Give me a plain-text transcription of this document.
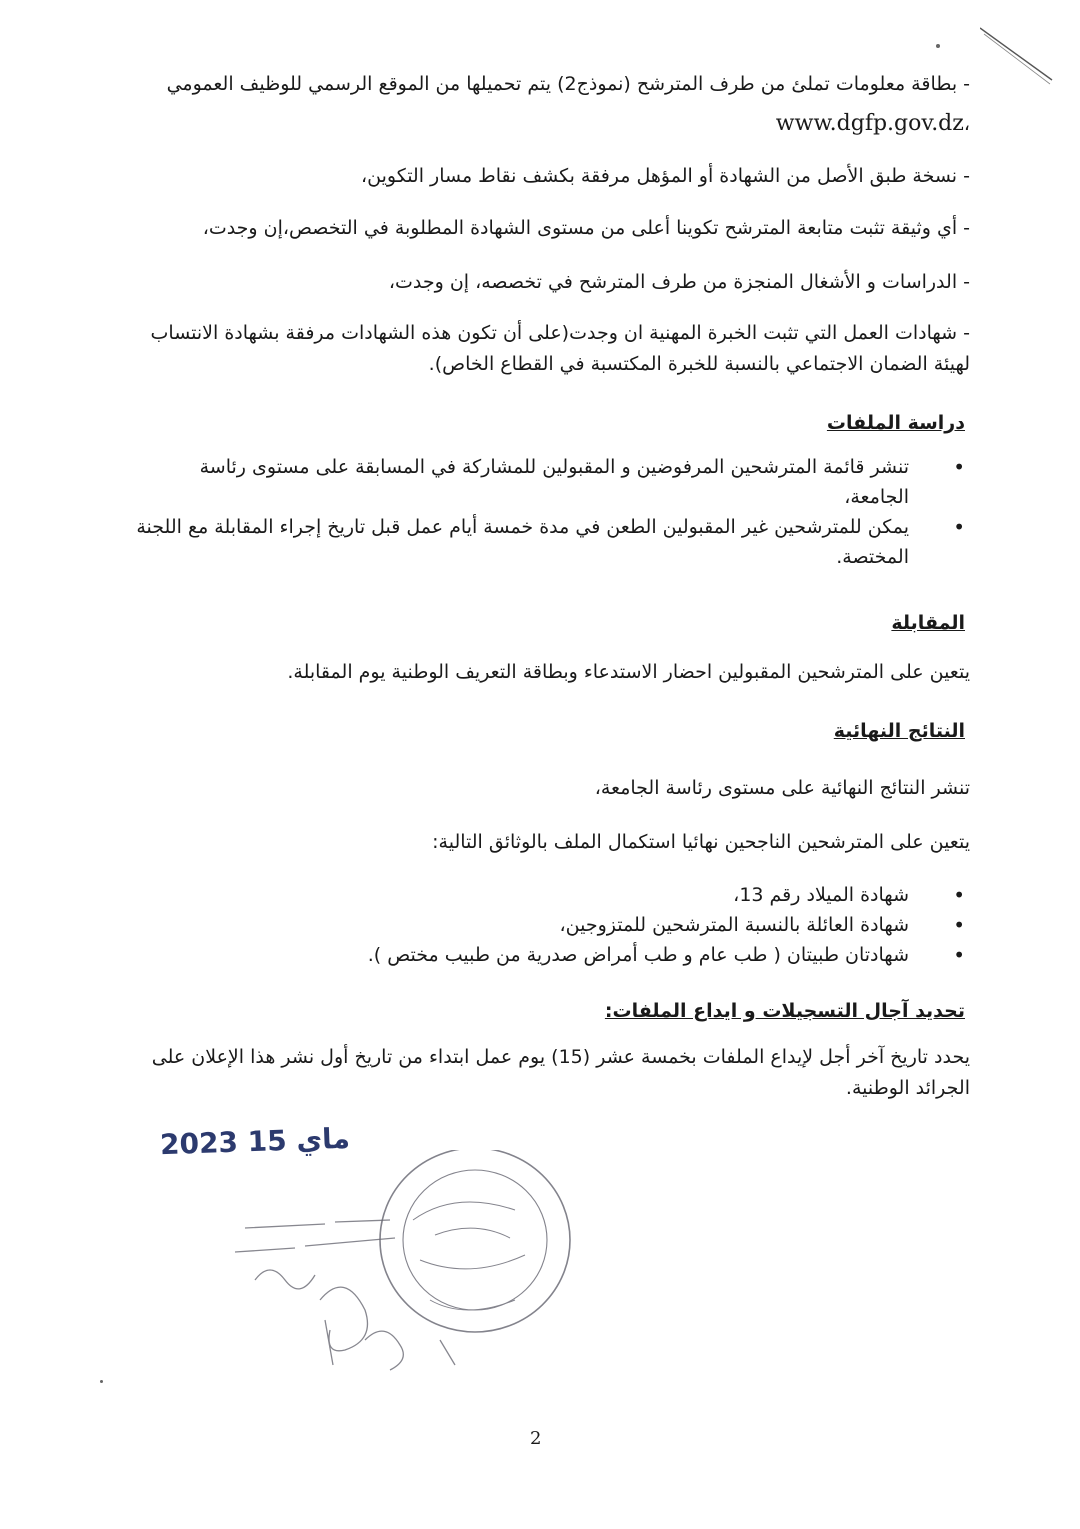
- بطاقة معلومات تملئ من طرف المترشح (نموذج2) يتم تحميلها من الموقع الرسمي للوظيف العمومي
www.dgfp.gov.dz،
- نسخة طبق الأصل من الشهادة أو المؤهل مرفقة بكشف نقاط مسار التكوين،
- أي وثيقة تثبت متابعة المترشح تكوينا أعلى من مستوى الشهادة المطلوبة في التخصص،إن وجدت،
- الدراسات و الأشغال المنجزة من طرف المترشح في تخصصه، إن وجدت،
- شهادات العمل التي تثبت الخبرة المهنية ان وجدت(على أن تكون هذه الشهادات مرفقة بشهادة الانتساب لهيئة الضمان الاجتماعي بالنسبة للخبرة المكتسبة في القطاع الخاص).
دراسة الملفات
• تنشر قائمة المترشحين المرفوضين و المقبولين للمشاركة في المسابقة على مستوى رئاسة الجامعة،
• يمكن للمترشحين غير المقبولين الطعن في مدة خمسة أيام عمل قبل تاريخ إجراء المقابلة مع اللجنة المختصة.
المقابلة
يتعين على المترشحين المقبولين احضار الاستدعاء وبطاقة التعريف الوطنية يوم المقابلة.
النتائج النهائية
تنشر النتائج النهائية على مستوى رئاسة الجامعة،
يتعين على المترشحين الناجحين نهائيا استكمال الملف بالوثائق التالية:
• شهادة الميلاد رقم 13،
• شهادة العائلة بالنسبة المترشحين للمتزوجين،
• شهادتان طبيتان ( طب عام و طب أمراض صدرية من طبيب مختص ).
تحديد آجال التسجيلات و ايداع الملفات:
يحدد تاريخ آخر أجل لإيداع الملفات بخمسة عشر (15) يوم عمل ابتداء من تاريخ أول نشر هذا الإعلان على الجرائد الوطنية.
2023 ماي 15
2
